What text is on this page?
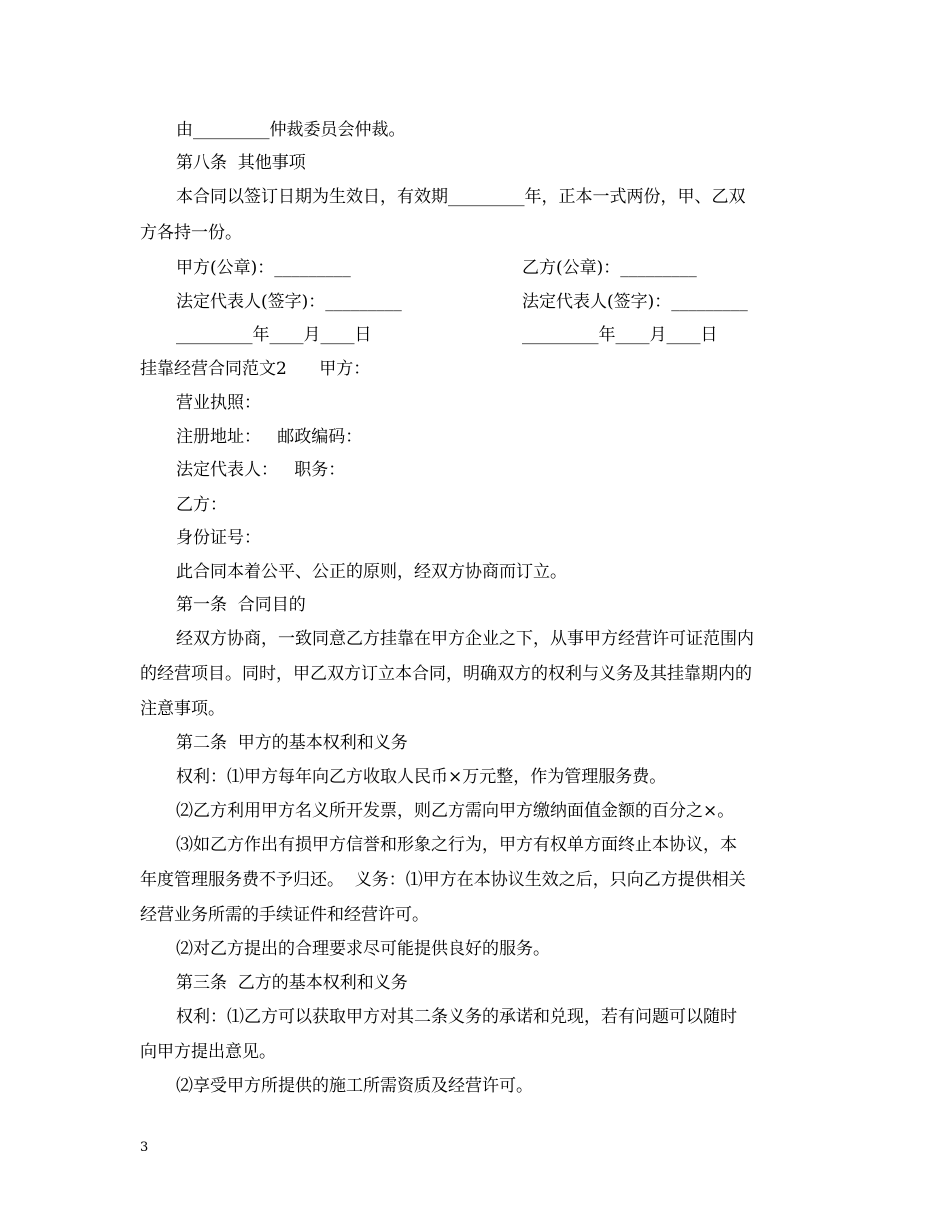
由_________仲裁委员会仲裁。
第八条  其他事项
本合同以签订日期为生效日，有效期_________年，正本一式两份，甲、乙双
方各持一份。
甲方(公章)：_________	乙方(公章)：_________
法定代表人(签字)：_________	法定代表人(签字)：_________
_________年____月____日	_________年____月____日
挂靠经营合同范文2      甲方：
营业执照：
注册地址：   邮政编码：
法定代表人：   职务：
乙方：
身份证号：
此合同本着公平、公正的原则，经双方协商而订立。
第一条  合同目的
经双方协商，一致同意乙方挂靠在甲方企业之下，从事甲方经营许可证范围内
的经营项目。同时，甲乙双方订立本合同，明确双方的权利与义务及其挂靠期内的
注意事项。
第二条  甲方的基本权利和义务
权利：⑴甲方每年向乙方收取人民币×万元整，作为管理服务费。
⑵乙方利用甲方名义所开发票，则乙方需向甲方缴纳面值金额的百分之×。
⑶如乙方作出有损甲方信誉和形象之行为，甲方有权单方面终止本协议，本
年度管理服务费不予归还。  义务：⑴甲方在本协议生效之后，只向乙方提供相关
经营业务所需的手续证件和经营许可。
⑵对乙方提出的合理要求尽可能提供良好的服务。
第三条  乙方的基本权利和义务
权利：⑴乙方可以获取甲方对其二条义务的承诺和兑现，若有问题可以随时
向甲方提出意见。
⑵享受甲方所提供的施工所需资质及经营许可。
3
